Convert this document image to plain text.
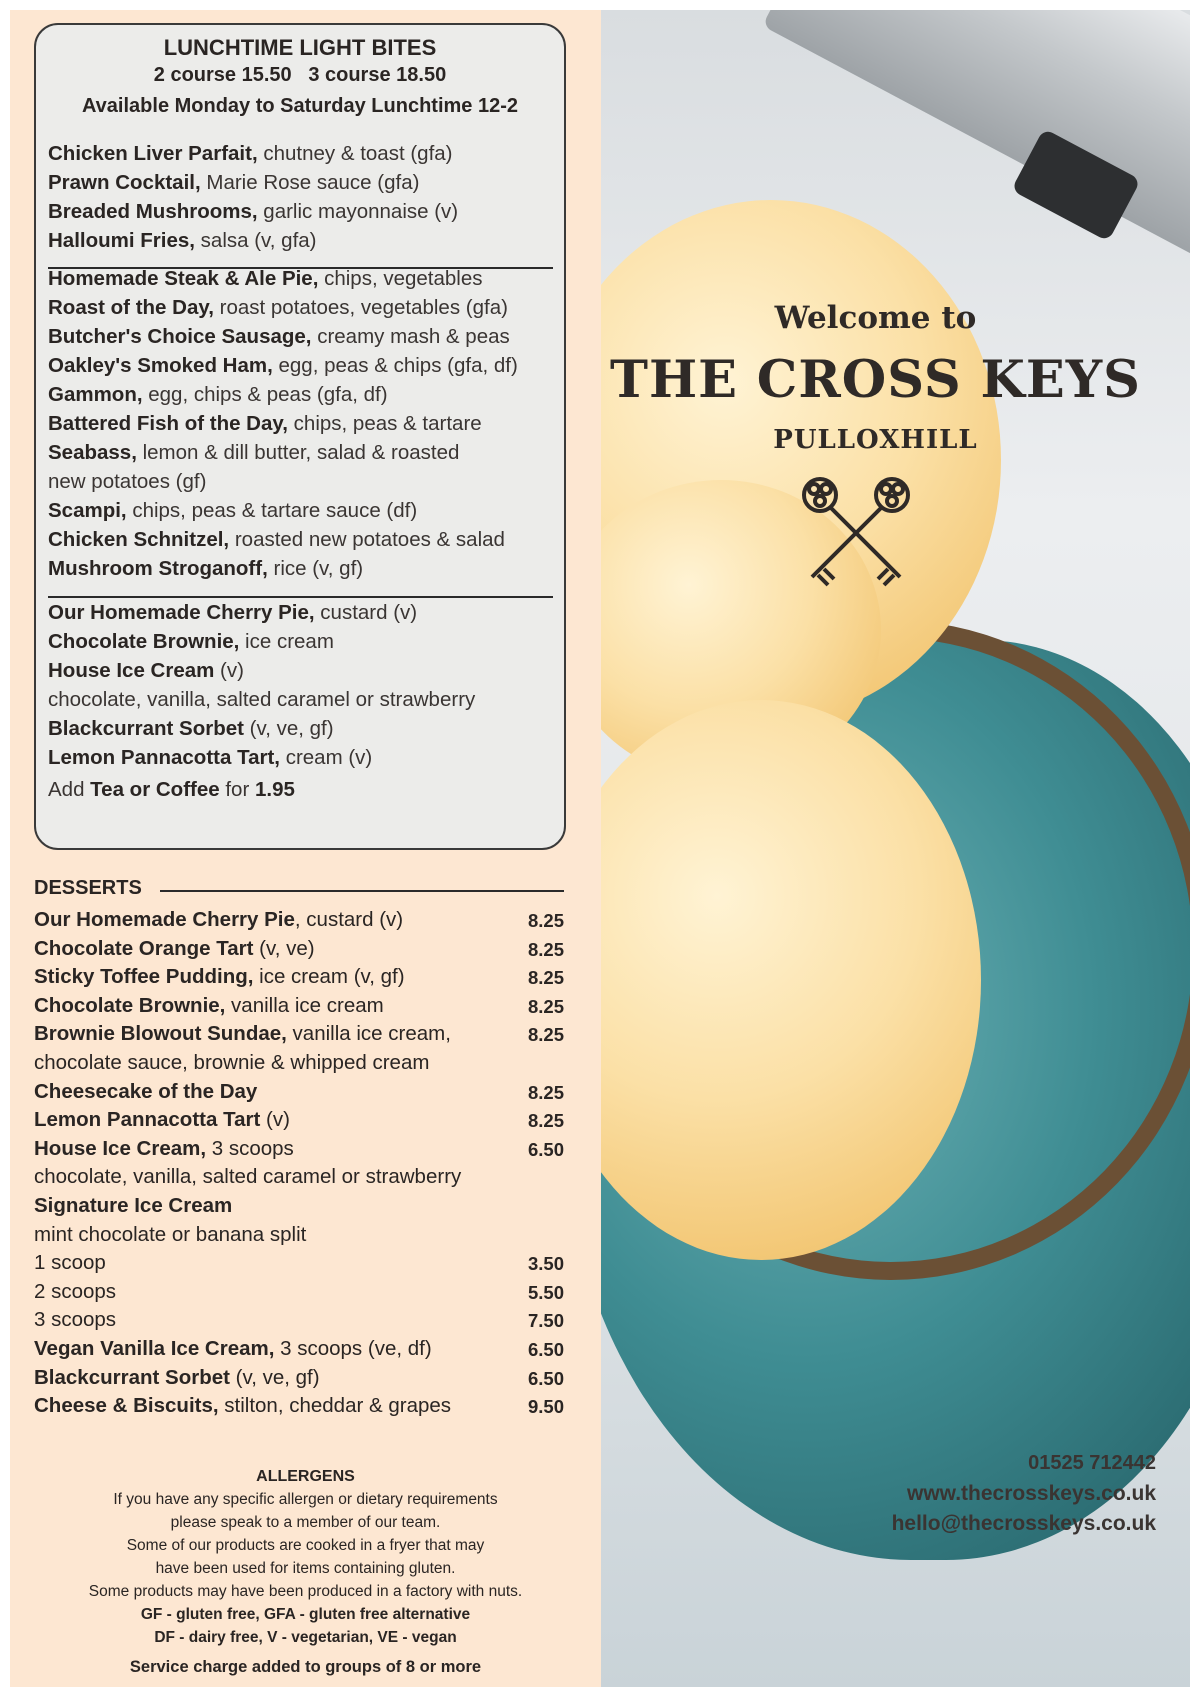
LUNCHTIME LIGHT BITES
2 course 15.50   3 course 18.50
Available Monday to Saturday Lunchtime 12-2
Chicken Liver Parfait, chutney & toast (gfa)
Prawn Cocktail, Marie Rose sauce (gfa)
Breaded Mushrooms, garlic mayonnaise (v)
Halloumi Fries, salsa (v, gfa)
Homemade Steak & Ale Pie, chips, vegetables
Roast of the Day, roast potatoes, vegetables (gfa)
Butcher's Choice Sausage, creamy mash & peas
Oakley's Smoked Ham, egg, peas & chips (gfa, df)
Gammon, egg, chips & peas (gfa, df)
Battered Fish of the Day, chips, peas & tartare
Seabass, lemon & dill butter, salad & roasted
new potatoes (gf)
Scampi, chips, peas & tartare sauce (df)
Chicken Schnitzel, roasted new potatoes & salad
Mushroom Stroganoff, rice (v, gf)
Our Homemade Cherry Pie, custard (v)
Chocolate Brownie, ice cream
House Ice Cream (v)
chocolate, vanilla, salted caramel or strawberry
Blackcurrant Sorbet (v, ve, gf)
Lemon Pannacotta Tart, cream (v)
Add Tea or Coffee for 1.95
DESSERTS
Our Homemade Cherry Pie, custard (v)	8.25
Chocolate Orange Tart (v, ve)	8.25
Sticky Toffee Pudding, ice cream (v, gf)	8.25
Chocolate Brownie, vanilla ice cream	8.25
Brownie Blowout Sundae, vanilla ice cream,	8.25
chocolate sauce, brownie & whipped cream
Cheesecake of the Day	8.25
Lemon Pannacotta Tart (v)	8.25
House Ice Cream, 3 scoops	6.50
chocolate, vanilla, salted caramel or strawberry
Signature Ice Cream
mint chocolate or banana split
1 scoop	3.50
2 scoops	5.50
3 scoops	7.50
Vegan Vanilla Ice Cream, 3 scoops (ve, df)	6.50
Blackcurrant Sorbet (v, ve, gf)	6.50
Cheese & Biscuits, stilton, cheddar & grapes	9.50
ALLERGENS
If you have any specific allergen or dietary requirements
please speak to a member of our team.
Some of our products are cooked in a fryer that may
have been used for items containing gluten.
Some products may have been produced in a factory with nuts.
GF - gluten free, GFA - gluten free alternative
DF - dairy free, V - vegetarian, VE - vegan
Service charge added to groups of 8 or more
Welcome to
THE CROSS KEYS
PULLOXHILL
01525 712442
www.thecrosskeys.co.uk
hello@thecrosskeys.co.uk
